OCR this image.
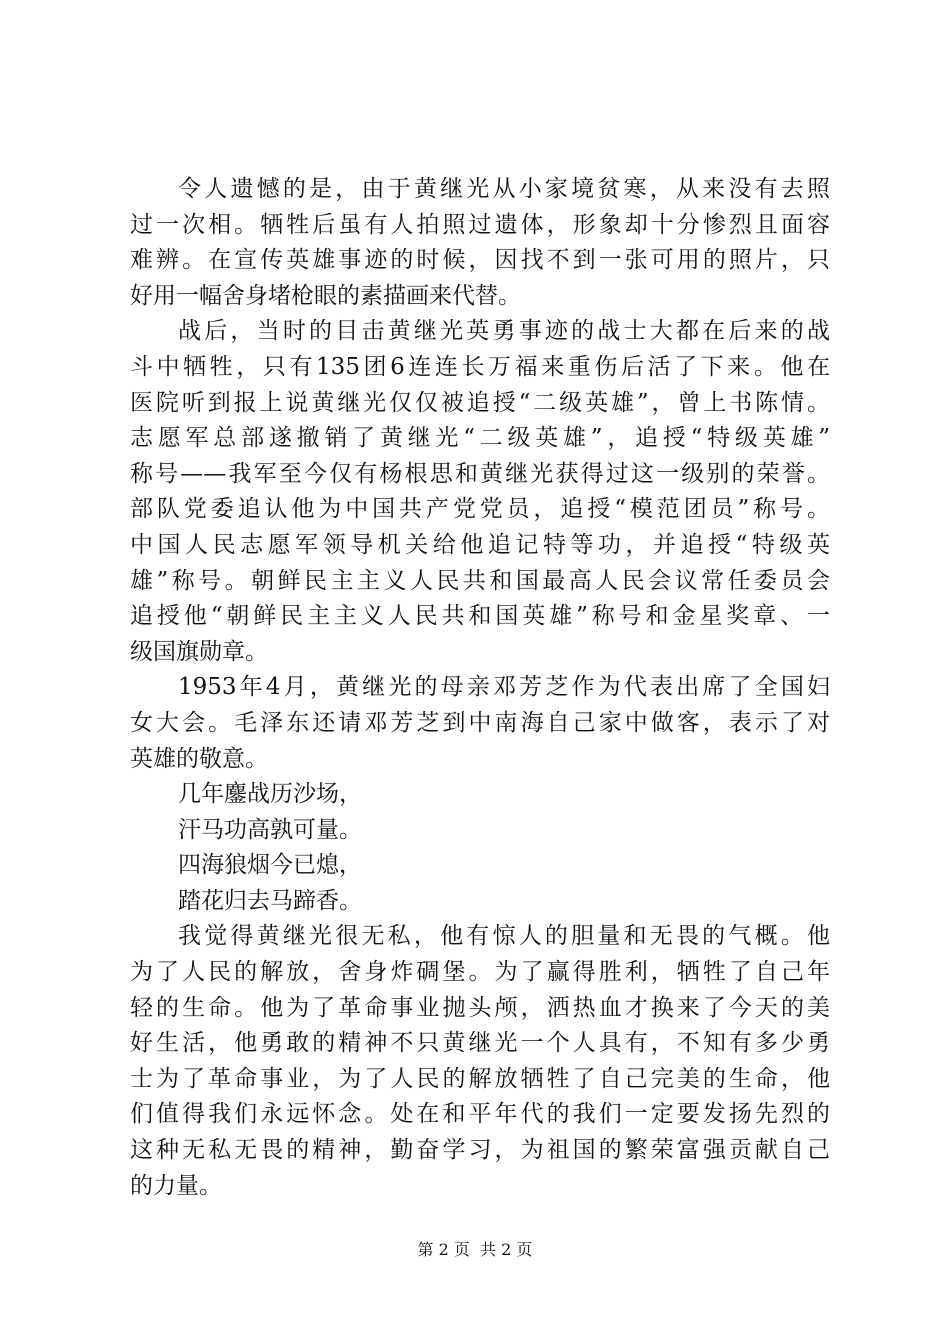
令人遗憾的是，由于黄继光从小家境贫寒，从来没有去照
过一次相。牺牲后虽有人拍照过遗体，形象却十分惨烈且面容
难辨。在宣传英雄事迹的时候，因找不到一张可用的照片，只
好用一幅舍身堵枪眼的素描画来代替。
战后，当时的目击黄继光英勇事迹的战士大都在后来的战
斗中牺牲，只有135团6连连长万福来重伤后活了下来。他在
医院听到报上说黄继光仅仅被追授“二级英雄”，曾上书陈情。
志愿军总部遂撤销了黄继光“二级英雄”，追授“特级英雄”
称号——我军至今仅有杨根思和黄继光获得过这一级别的荣誉。
部队党委追认他为中国共产党党员，追授“模范团员”称号。
中国人民志愿军领导机关给他追记特等功，并追授“特级英
雄”称号。朝鲜民主主义人民共和国最高人民会议常任委员会
追授他“朝鲜民主主义人民共和国英雄”称号和金星奖章、一
级国旗勋章。
1953年4月，黄继光的母亲邓芳芝作为代表出席了全国妇
女大会。毛泽东还请邓芳芝到中南海自己家中做客，表示了对
英雄的敬意。
几年鏖战历沙场，
汗马功高孰可量。
四海狼烟今已熄，
踏花归去马蹄香。
我觉得黄继光很无私，他有惊人的胆量和无畏的气概。他
为了人民的解放，舍身炸碉堡。为了赢得胜利，牺牲了自己年
轻的生命。他为了革命事业抛头颅，洒热血才换来了今天的美
好生活，他勇敢的精神不只黄继光一个人具有，不知有多少勇
士为了革命事业，为了人民的解放牺牲了自己完美的生命，他
们值得我们永远怀念。处在和平年代的我们一定要发扬先烈的
这种无私无畏的精神，勤奋学习，为祖国的繁荣富强贡献自己
的力量。
第 2 页  共 2 页
